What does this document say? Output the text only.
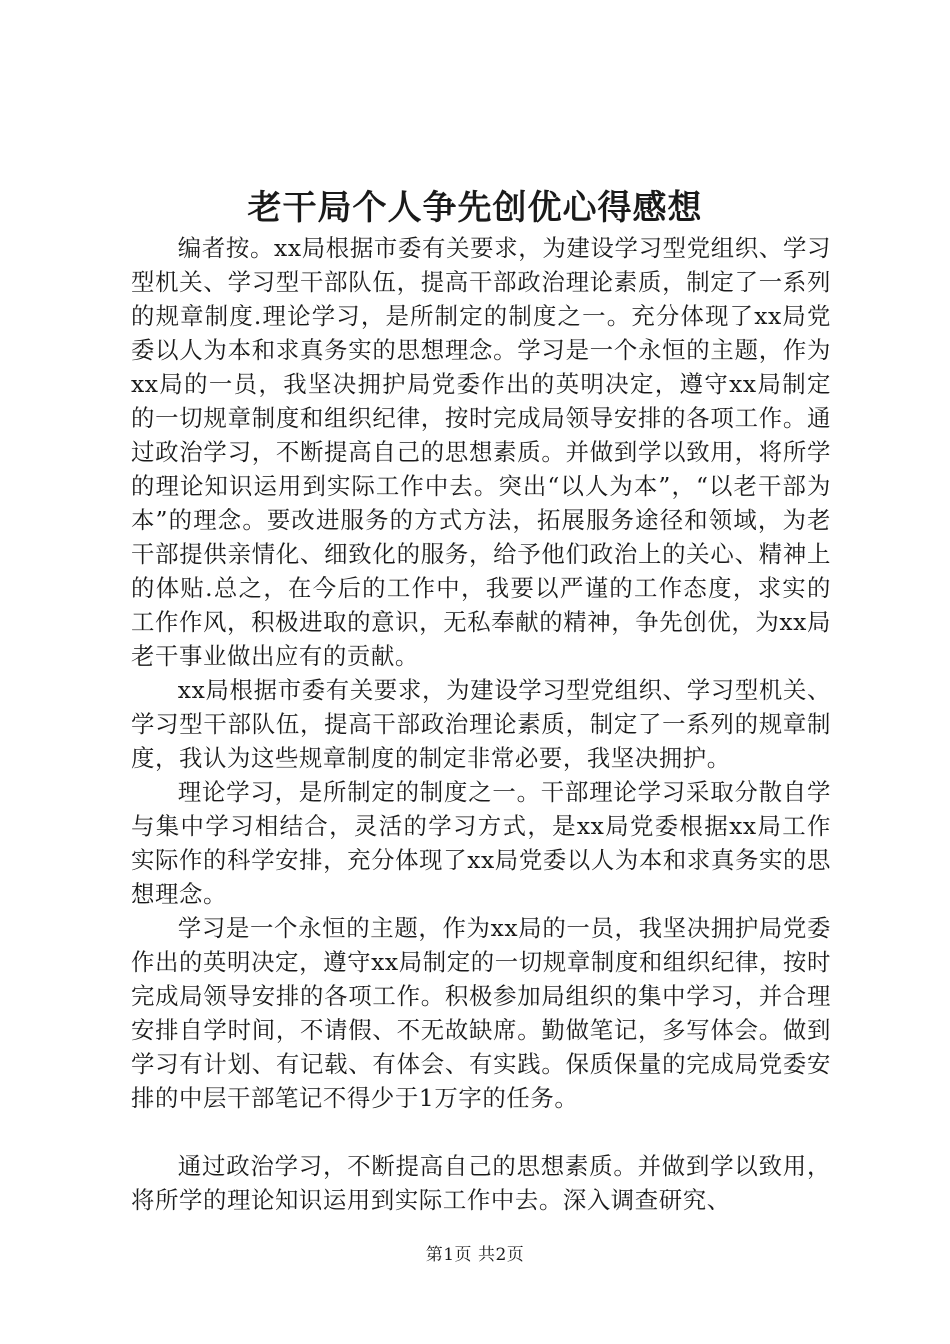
老干局个人争先创优心得感想

编者按。xx局根据市委有关要求，为建设学习型党组织、学习型机关、学习型干部队伍，提高干部政治理论素质，制定了一系列的规章制度.理论学习，是所制定的制度之一。充分体现了xx局党委以人为本和求真务实的思想理念。学习是一个永恒的主题，作为xx局的一员，我坚决拥护局党委作出的英明决定，遵守xx局制定的一切规章制度和组织纪律，按时完成局领导安排的各项工作。通过政治学习，不断提高自己的思想素质。并做到学以致用，将所学的理论知识运用到实际工作中去。突出“以人为本”，“以老干部为本”的理念。要改进服务的方式方法，拓展服务途径和领域，为老干部提供亲情化、细致化的服务，给予他们政治上的关心、精神上的体贴.总之，在今后的工作中，我要以严谨的工作态度，求实的工作作风，积极进取的意识，无私奉献的精神，争先创优，为xx局老干事业做出应有的贡献。

xx局根据市委有关要求，为建设学习型党组织、学习型机关、学习型干部队伍，提高干部政治理论素质，制定了一系列的规章制度，我认为这些规章制度的制定非常必要，我坚决拥护。

理论学习，是所制定的制度之一。干部理论学习采取分散自学与集中学习相结合，灵活的学习方式，是xx局党委根据xx局工作实际作的科学安排，充分体现了xx局党委以人为本和求真务实的思想理念。

学习是一个永恒的主题，作为xx局的一员，我坚决拥护局党委作出的英明决定，遵守xx局制定的一切规章制度和组织纪律，按时完成局领导安排的各项工作。积极参加局组织的集中学习，并合理安排自学时间，不请假、不无故缺席。勤做笔记，多写体会。做到学习有计划、有记载、有体会、有实践。保质保量的完成局党委安排的中层干部笔记不得少于1万字的任务。

通过政治学习，不断提高自己的思想素质。并做到学以致用，将所学的理论知识运用到实际工作中去。深入调查研究、

第1页 共2页
